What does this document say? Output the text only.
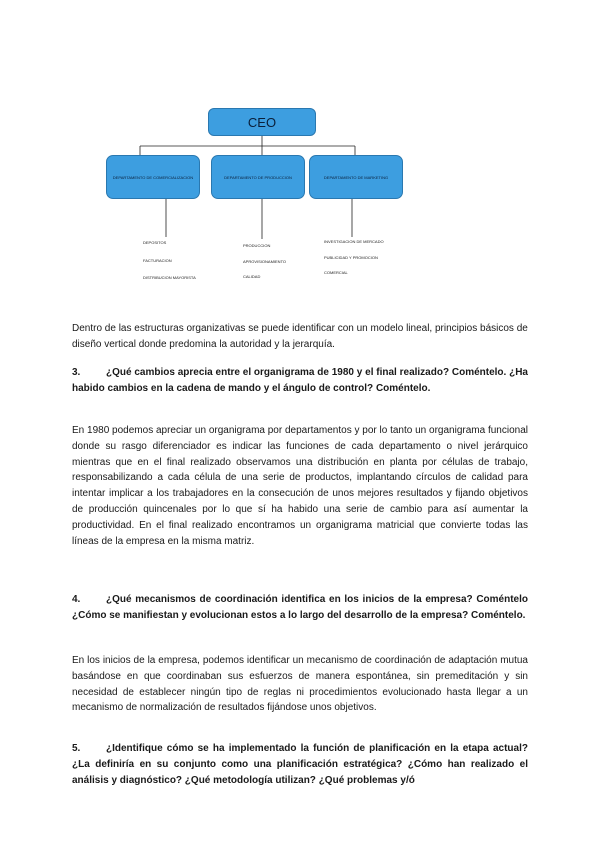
CEO
DEPARTAMENTO DE COMERCIALIZACION	DEPARTAMENTO DE PRODUCCION	DEPARTAMENTO DE MARKETING
DEPOSITOS
FACTURACION
DISTRIBUCION MAYORISTA
PRODUCCION
APROVISIONAMIENTO
CALIDAD
INVESTIGACION DE MERCADO
PUBLICIDAD Y PROMOCION
COMERCIAL
Dentro de las estructuras organizativas se puede identificar con un modelo lineal, principios básicos de diseño vertical donde predomina la autoridad y la jerarquía.
3.	¿Qué cambios aprecia entre el organigrama de 1980 y el final realizado? Coméntelo. ¿Ha habido cambios en la cadena de mando y el ángulo de control? Coméntelo.
En 1980 podemos apreciar un organigrama por departamentos y por lo tanto un organigrama funcional donde su rasgo diferenciador es indicar las funciones de cada departamento o nivel jerárquico mientras que en el final realizado observamos una distribución en planta por células de trabajo, responsabilizando a cada célula de una serie de productos, implantando círculos de calidad para intentar implicar a los trabajadores en la consecución de unos mejores resultados y fijando objetivos de producción quincenales por lo que sí ha habido una serie de cambio para así aumentar la productividad. En el final realizado encontramos un organigrama matricial que convierte todas las líneas de la empresa en la misma matriz.
4.	¿Qué mecanismos de coordinación identifica en los inicios de la empresa? Coméntelo ¿Cómo se manifiestan y evolucionan estos a lo largo del desarrollo de la empresa? Coméntelo.
En los inicios de la empresa, podemos identificar un mecanismo de coordinación de adaptación mutua basándose en que coordinaban sus esfuerzos de manera espontánea, sin premeditación y sin necesidad de establecer ningún tipo de reglas ni procedimientos evolucionado hasta llegar a un mecanismo de normalización de resultados fijándose unos objetivos.
5.	¿Identifique cómo se ha implementado la función de planificación en la etapa actual? ¿La definiría en su conjunto como una planificación estratégica? ¿Cómo han realizado el análisis y diagnóstico? ¿Qué metodología utilizan? ¿Qué problemas y/ó
